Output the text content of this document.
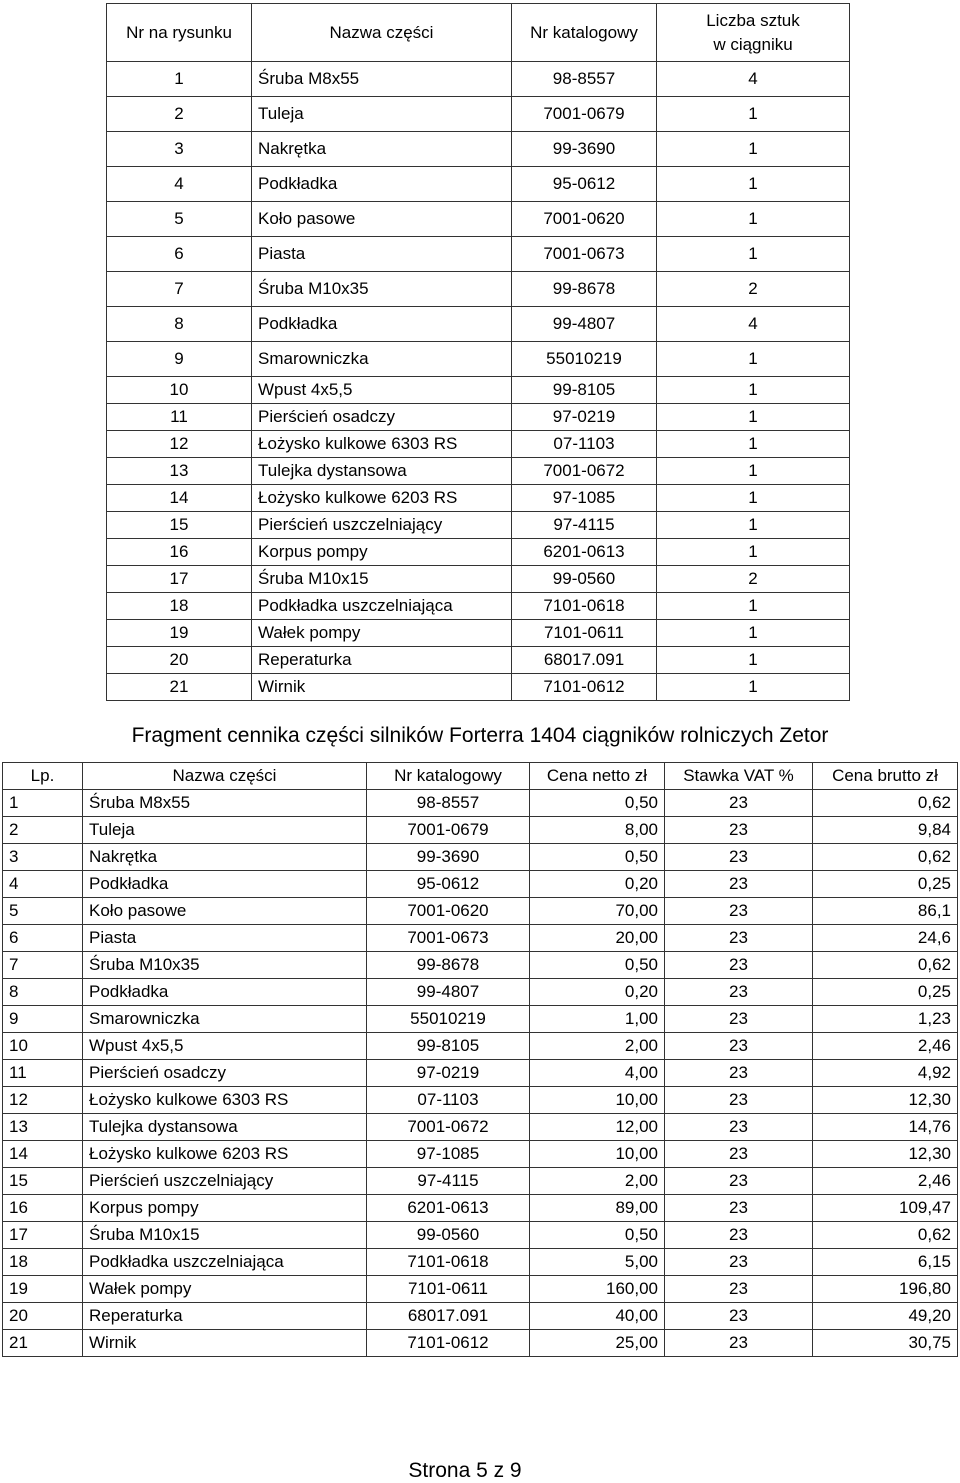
Nr na rysunku	Nazwa części	Nr katalogowy	Liczba sztuk
w ciągniku
1	Śruba M8x55	98-8557	4
2	Tuleja	7001-0679	1
3	Nakrętka	99-3690	1
4	Podkładka	95-0612	1
5	Koło pasowe	7001-0620	1
6	Piasta	7001-0673	1
7	Śruba M10x35	99-8678	2
8	Podkładka	99-4807	4
9	Smarowniczka	55010219	1
10	Wpust 4x5,5	99-8105	1
11	Pierścień osadczy	97-0219	1
12	Łożysko kulkowe 6303 RS	07-1103	1
13	Tulejka dystansowa	7001-0672	1
14	Łożysko kulkowe 6203 RS	97-1085	1
15	Pierścień uszczelniający	97-4115	1
16	Korpus pompy	6201-0613	1
17	Śruba M10x15	99-0560	2
18	Podkładka uszczelniająca	7101-0618	1
19	Wałek pompy	7101-0611	1
20	Reperaturka	68017.091	1
21	Wirnik	7101-0612	1
Fragment cennika części silników Forterra 1404 ciągników rolniczych Zetor
Lp.	Nazwa części	Nr katalogowy	Cena netto zł	Stawka VAT %	Cena brutto zł
1	Śruba M8x55	98-8557	0,50	23	0,62
2	Tuleja	7001-0679	8,00	23	9,84
3	Nakrętka	99-3690	0,50	23	0,62
4	Podkładka	95-0612	0,20	23	0,25
5	Koło pasowe	7001-0620	70,00	23	86,1
6	Piasta	7001-0673	20,00	23	24,6
7	Śruba M10x35	99-8678	0,50	23	0,62
8	Podkładka	99-4807	0,20	23	0,25
9	Smarowniczka	55010219	1,00	23	1,23
10	Wpust 4x5,5	99-8105	2,00	23	2,46
11	Pierścień osadczy	97-0219	4,00	23	4,92
12	Łożysko kulkowe 6303 RS	07-1103	10,00	23	12,30
13	Tulejka dystansowa	7001-0672	12,00	23	14,76
14	Łożysko kulkowe 6203 RS	97-1085	10,00	23	12,30
15	Pierścień uszczelniający	97-4115	2,00	23	2,46
16	Korpus pompy	6201-0613	89,00	23	109,47
17	Śruba M10x15	99-0560	0,50	23	0,62
18	Podkładka uszczelniająca	7101-0618	5,00	23	6,15
19	Wałek pompy	7101-0611	160,00	23	196,80
20	Reperaturka	68017.091	40,00	23	49,20
21	Wirnik	7101-0612	25,00	23	30,75
Strona 5 z 9
